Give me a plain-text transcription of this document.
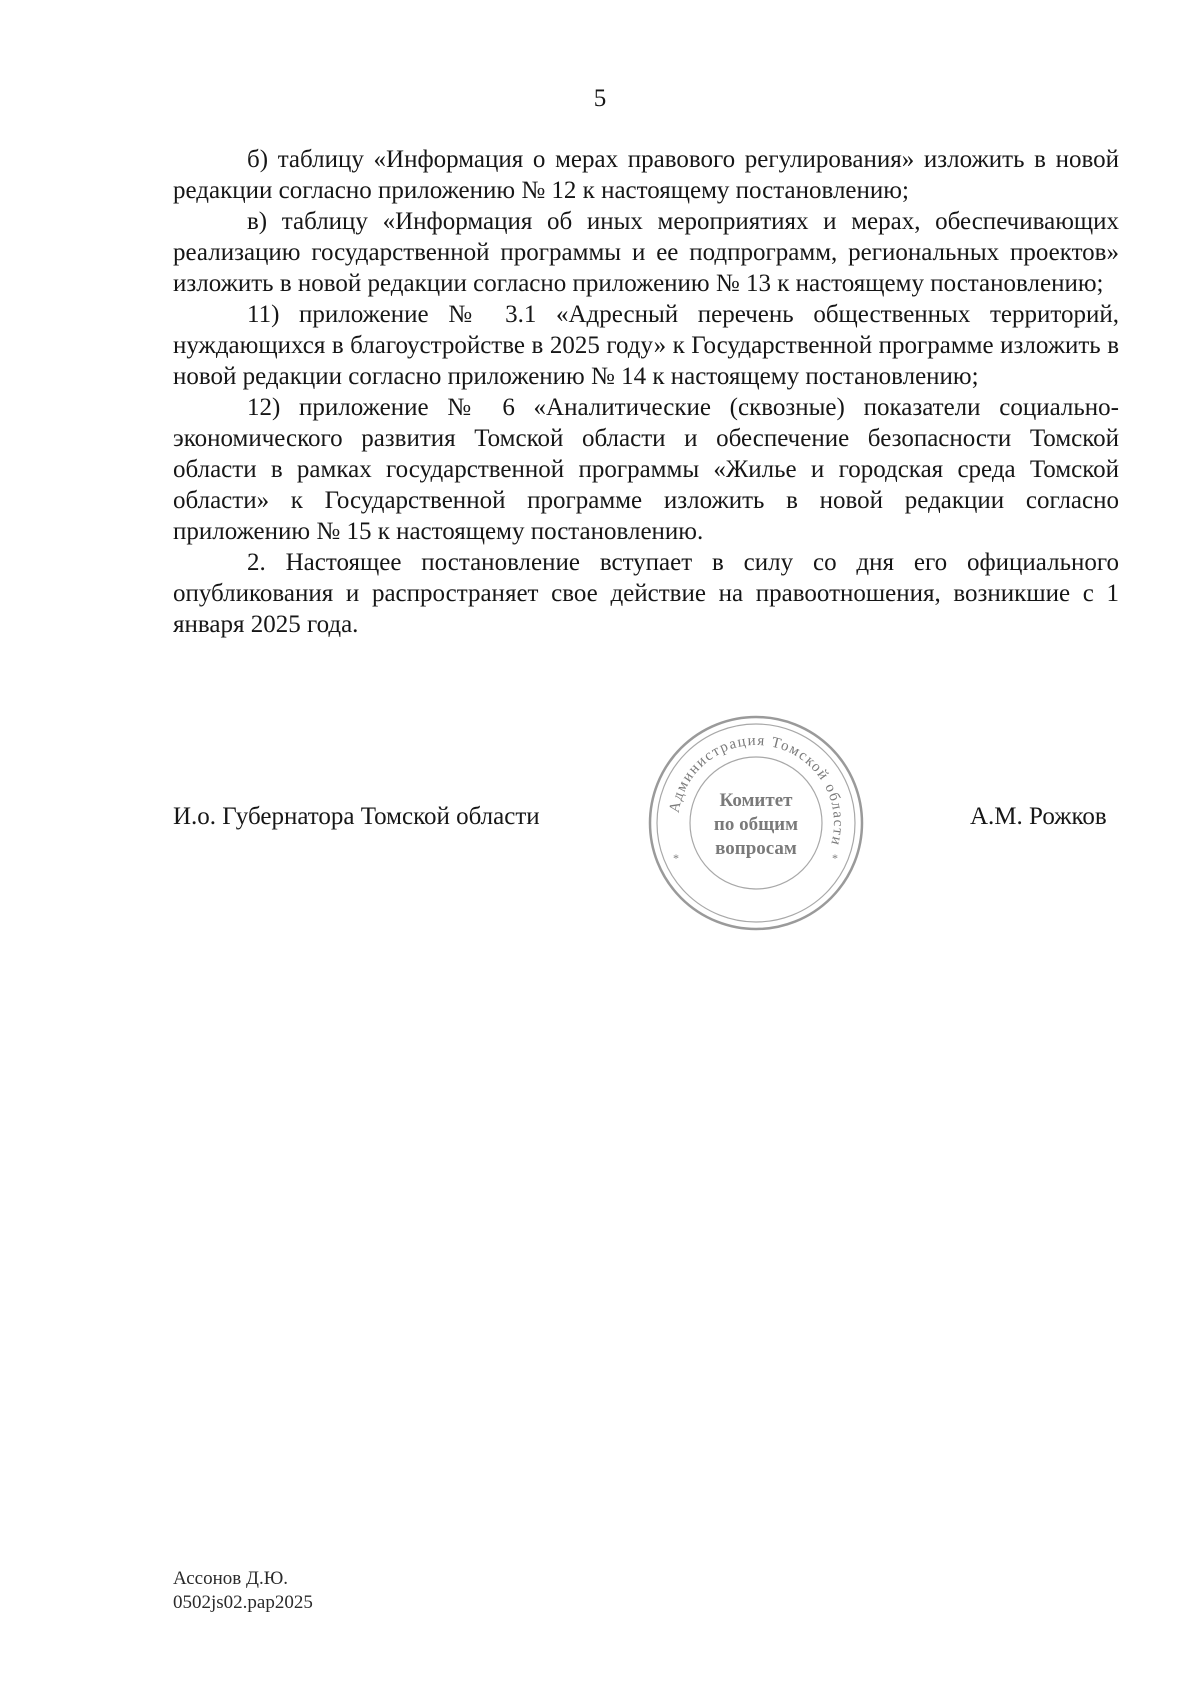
5

б) таблицу «Информация о мерах правового регулирования» изложить в новой редакции согласно приложению № 12 к настоящему постановлению;

в) таблицу «Информация об иных мероприятиях и мерах, обеспечивающих реализацию государственной программы и ее подпрограмм, региональных проектов» изложить в новой редакции согласно приложению № 13 к настоящему постановлению;

11) приложение № 3.1 «Адресный перечень общественных территорий, нуждающихся в благоустройстве в 2025 году» к Государственной программе изложить в новой редакции согласно приложению № 14 к настоящему постановлению;

12) приложение № 6 «Аналитические (сквозные) показатели социально-экономического развития Томской области и обеспечение безопасности Томской области в рамках государственной программы «Жилье и городская среда Томской области» к Государственной программе изложить в новой редакции согласно приложению № 15 к настоящему постановлению.

2. Настоящее постановление вступает в силу со дня его официального опубликования и распространяет свое действие на правоотношения, возникшие с 1 января 2025 года.

И.о. Губернатора Томской области	Администрация Томской области
*	*
Комитет
по общим
вопросам
А.М. Рожков
Ассонов Д.Ю.
0502js02.pap2025
